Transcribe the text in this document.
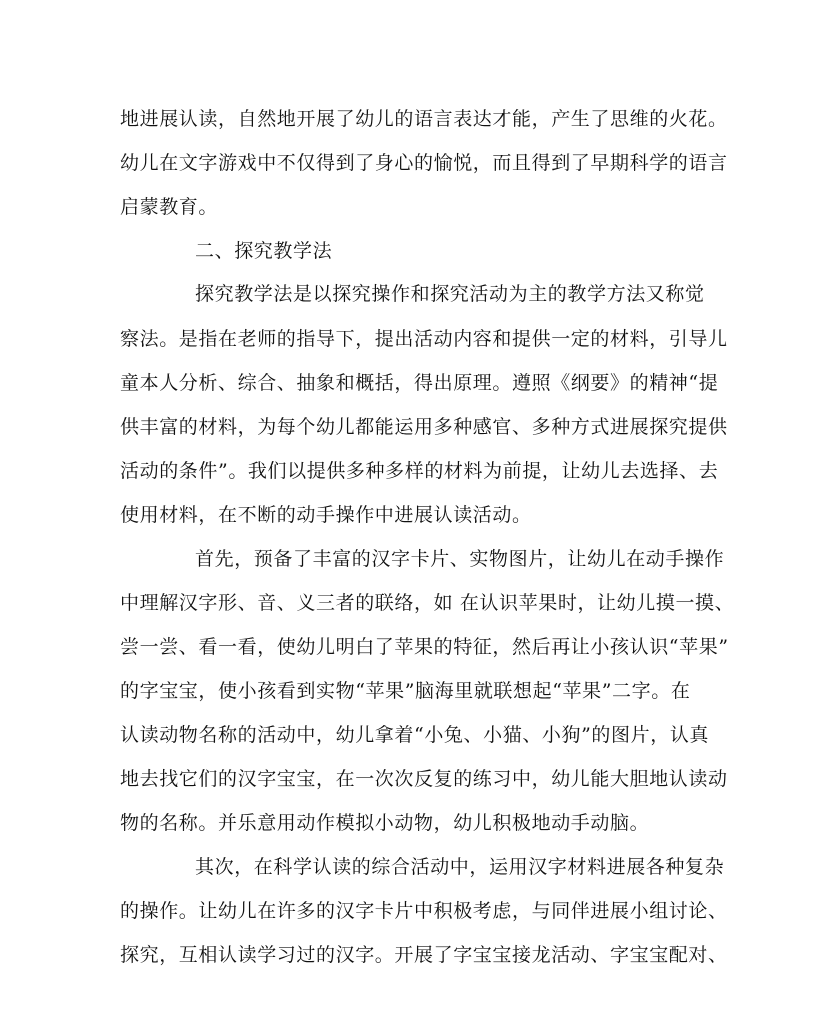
地进展认读，自然地开展了幼儿的语言表达才能，产生了思维的火花。
幼儿在文字游戏中不仅得到了身心的愉悦，而且得到了早期科学的语言
启蒙教育。
二、探究教学法
探究教学法是以探究操作和探究活动为主的教学方法又称觉
察法。是指在老师的指导下，提出活动内容和提供一定的材料，引导儿
童本人分析、综合、抽象和概括，得出原理。遵照《纲要》的精神“提
供丰富的材料，为每个幼儿都能运用多种感官、多种方式进展探究提供
活动的条件”。我们以提供多种多样的材料为前提，让幼儿去选择、去
使用材料，在不断的动手操作中进展认读活动。
首先，预备了丰富的汉字卡片、实物图片，让幼儿在动手操作
中理解汉字形、音、义三者的联络，如 在认识苹果时，让幼儿摸一摸、
尝一尝、看一看，使幼儿明白了苹果的特征，然后再让小孩认识“苹果”
的字宝宝，使小孩看到实物“苹果”脑海里就联想起“苹果”二字。在
认读动物名称的活动中，幼儿拿着“小兔、小猫、小狗”的图片，认真
地去找它们的汉字宝宝，在一次次反复的练习中，幼儿能大胆地认读动
物的名称。并乐意用动作模拟小动物，幼儿积极地动手动脑。
其次，在科学认读的综合活动中，运用汉字材料进展各种复杂
的操作。让幼儿在许多的汉字卡片中积极考虑，与同伴进展小组讨论、
探究，互相认读学习过的汉字。开展了字宝宝接龙活动、字宝宝配对、
